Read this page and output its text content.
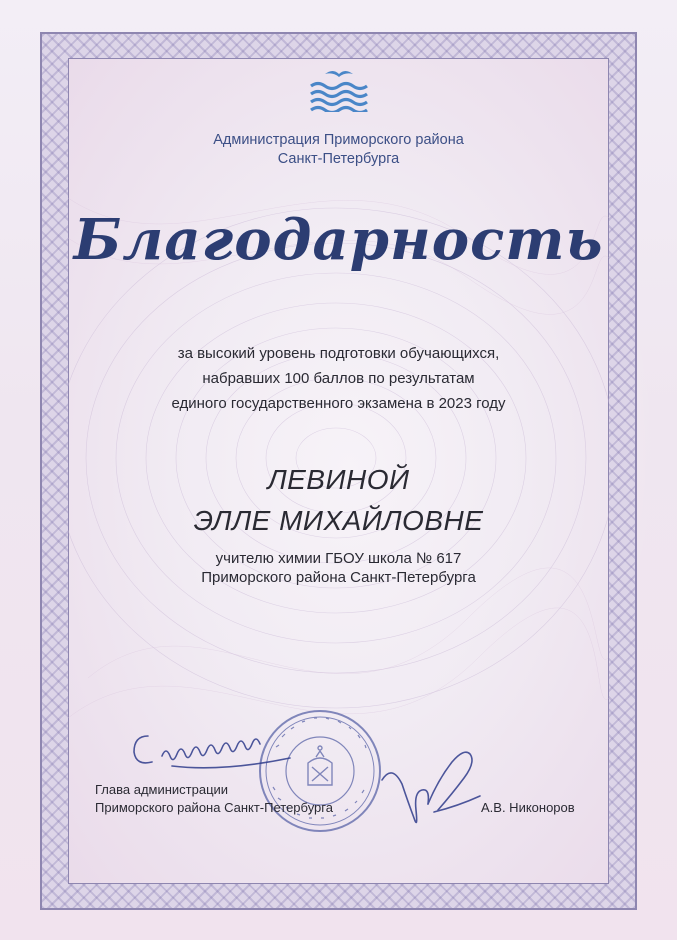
Администрация Приморского района
Санкт-Петербурга
Благодарность
за высокий уровень подготовки обучающихся,
набравших 100 баллов по результатам
единого государственного экзамена в 2023 году
ЛЕВИНОЙ
ЭЛЛЕ МИХАЙЛОВНЕ
учителю химии ГБОУ школа № 617
Приморского района Санкт-Петербурга
Глава администрации
Приморского района Санкт-Петербурга	А.В. Никоноров
